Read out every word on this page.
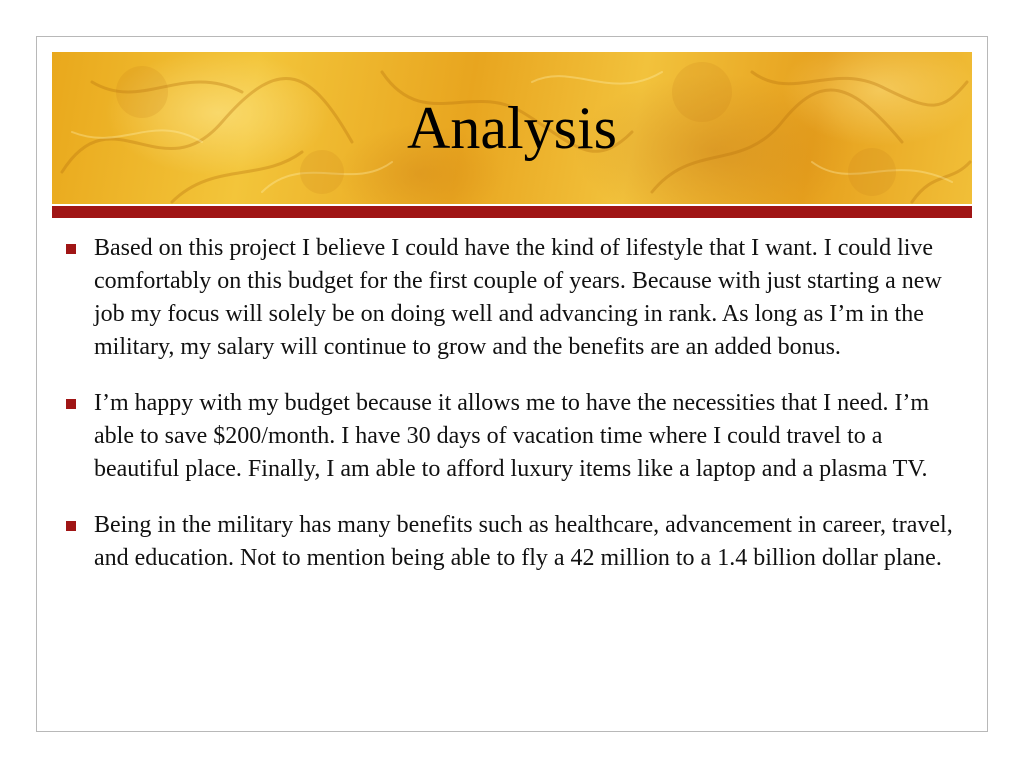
Analysis
Based on this project I believe I could have the kind of lifestyle that I want. I could live comfortably on this budget for the first couple of years. Because with just starting a new job my focus will solely be on doing well and advancing in rank. As long as I’m in the military, my salary will continue to grow and the benefits are an added bonus.
I’m happy with my budget because it allows me to have the necessities that I need. I’m able to save $200/month. I have 30 days of vacation time where I could travel to a beautiful place. Finally, I am able to afford luxury items like a laptop and a plasma TV.
Being in the military has many benefits such as healthcare, advancement in career, travel, and education. Not to mention being able to fly a 42 million to a 1.4 billion dollar plane.
